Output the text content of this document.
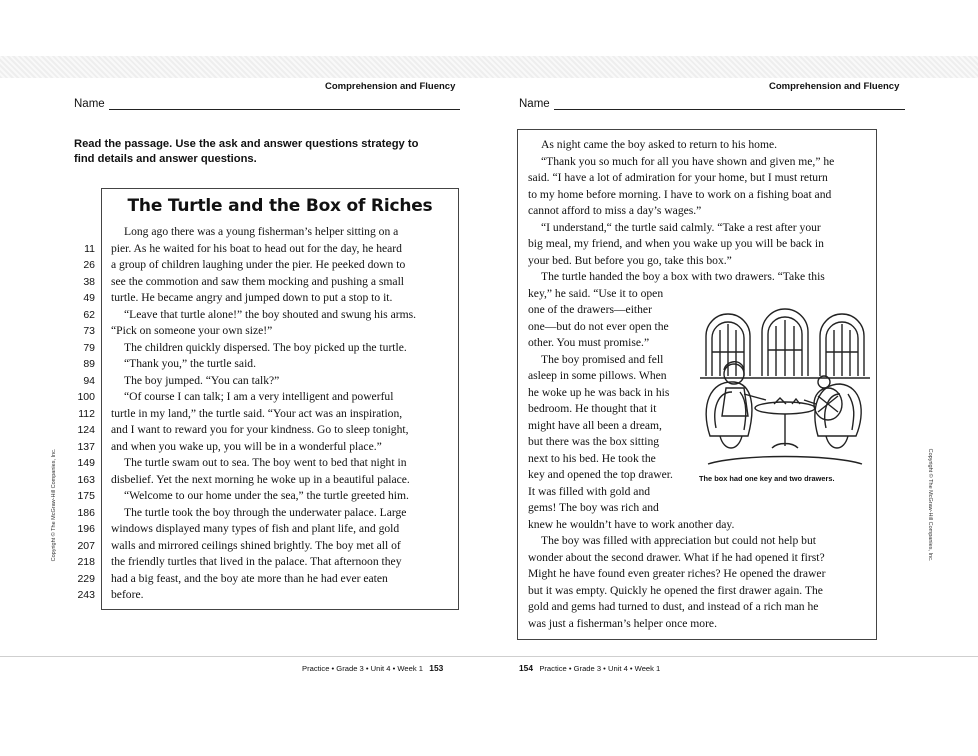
Comprehension and Fluency
Name
Read the passage. Use the ask and answer questions strategy to
find details and answer questions.
The Turtle and the Box of Riches
11
26
38
49
62
73
79
89
94
100
112
124
137
149
163
175
186
196
207
218
229
243
Long ago there was a young fisherman’s helper sitting on a
pier. As he waited for his boat to head out for the day, he heard
a group of children laughing under the pier. He peeked down to
see the commotion and saw them mocking and pushing a small
turtle. He became angry and jumped down to put a stop to it.
“Leave that turtle alone!” the boy shouted and swung his arms.
“Pick on someone your own size!”
The children quickly dispersed. The boy picked up the turtle.
“Thank you,” the turtle said.
The boy jumped. “You can talk?”
“Of course I can talk; I am a very intelligent and powerful
turtle in my land,” the turtle said. “Your act was an inspiration,
and I want to reward you for your kindness. Go to sleep tonight,
and when you wake up, you will be in a wonderful place.”
The turtle swam out to sea. The boy went to bed that night in
disbelief. Yet the next morning he woke up in a beautiful palace.
“Welcome to our home under the sea,” the turtle greeted him.
The turtle took the boy through the underwater palace. Large
windows displayed many types of fish and plant life, and gold
walls and mirrored ceilings shined brightly. The boy met all of
the friendly turtles that lived in the palace. That afternoon they
had a big feast, and the boy ate more than he had ever eaten
before.
Copyright © The McGraw-Hill Companies, Inc.
Practice • Grade 3 • Unit 4 • Week 1 153
Comprehension and Fluency
Name
As night came the boy asked to return to his home.
“Thank you so much for all you have shown and given me,” he
said. “I have a lot of admiration for your home, but I must return
to my home before morning. I have to work on a fishing boat and
cannot afford to miss a day’s wages.”
“I understand,“ the turtle said calmly. “Take a rest after your
big meal, my friend, and when you wake up you will be back in
your bed. But before you go, take this box.”
The turtle handed the boy a box with two drawers. “Take this
key,” he said. “Use it to open
one of the drawers—either
one—but do not ever open the
other. You must promise.”
The boy promised and fell
asleep in some pillows. When
he woke up he was back in his
bedroom. He thought that it
might have all been a dream,
but there was the box sitting
next to his bed. He took the
key and opened the top drawer.
It was filled with gold and
gems! The boy was rich and
knew he wouldn’t have to work another day.
The boy was filled with appreciation but could not help but
wonder about the second drawer. What if he had opened it first?
Might he have found even greater riches? He opened the drawer
but it was empty. Quickly he opened the first drawer again. The
gold and gems had turned to dust, and instead of a rich man he
was just a fisherman’s helper once more.
The box had one key and two drawers.	Copyright © The McGraw-Hill Companies, Inc.
154 Practice • Grade 3 • Unit 4 • Week 1
